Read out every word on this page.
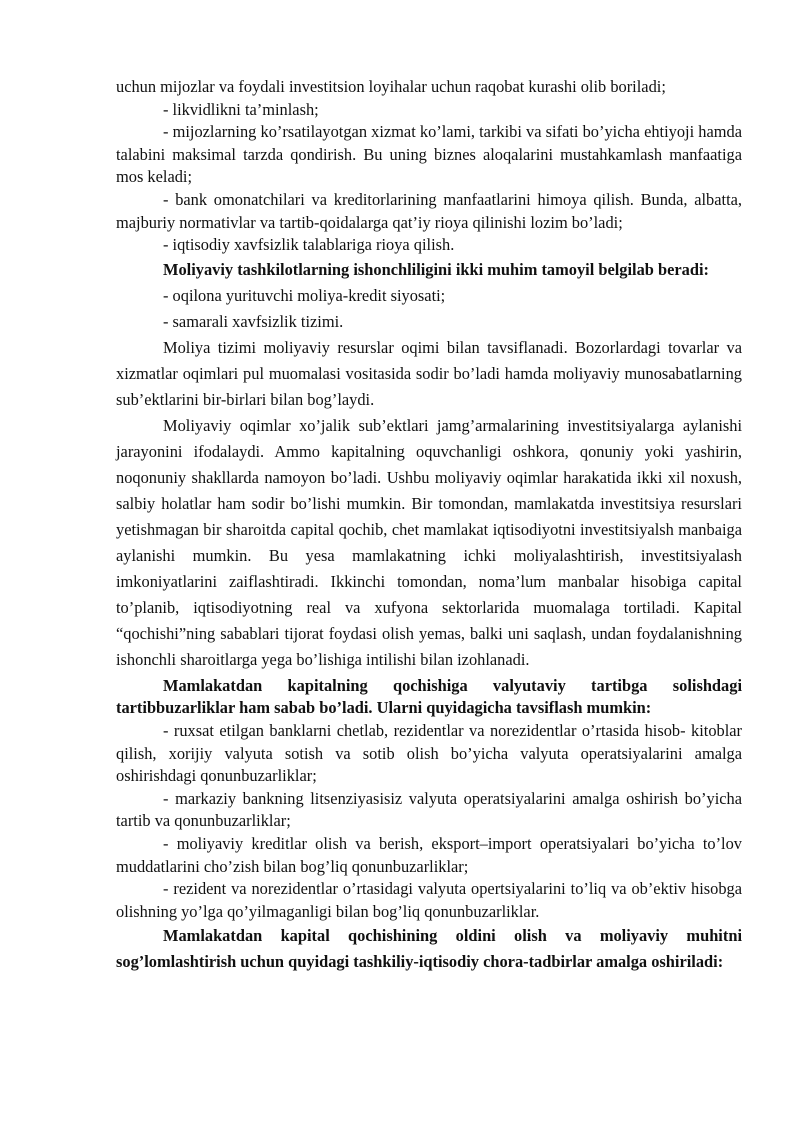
uchun mijozlar va foydali investitsion loyihalar uchun raqobat kurashi olib boriladi;

- likvidlikni ta’minlash;

- mijozlarning ko’rsatilayotgan xizmat ko’lami, tarkibi va sifati bo’yicha ehtiyoji hamda talabini maksimal tarzda qondirish. Bu uning biznes aloqalarini mustahkamlash manfaatiga mos keladi;

- bank omonatchilari va kreditorlarining manfaatlarini himoya qilish. Bunda, albatta, majburiy normativlar va tartib-qoidalarga qat’iy rioya qilinishi lozim bo’ladi;

- iqtisodiy xavfsizlik talablariga rioya qilish.

Moliyaviy tashkilotlarning ishonchliligini ikki muhim tamoyil belgilab beradi:

- oqilona yurituvchi moliya-kredit siyosati;

- samarali xavfsizlik tizimi.

Moliya tizimi moliyaviy resurslar oqimi bilan tavsiflanadi. Bozorlardagi tovarlar va xizmatlar oqimlari pul muomalasi vositasida sodir bo’ladi hamda moliyaviy munosabatlarning sub’ektlarini bir-birlari bilan bog’laydi.

Moliyaviy oqimlar xo’jalik sub’ektlari jamg’armalarining investitsiyalarga aylanishi jarayonini ifodalaydi. Ammo kapitalning oquvchanligi oshkora, qonuniy yoki yashirin, noqonuniy shakllarda namoyon bo’ladi. Ushbu moliyaviy oqimlar harakatida ikki xil noxush, salbiy holatlar ham sodir bo’lishi mumkin. Bir tomondan, mamlakatda investitsiya resurslari yetishmagan bir sharoitda capital qochib, chet mamlakat iqtisodiyotni investitsiyalsh manbaiga aylanishi mumkin. Bu yesa mamlakatning ichki moliyalashtirish, investitsiyalash imkoniyatlarini zaiflashtiradi. Ikkinchi tomondan, noma’lum manbalar hisobiga capital to’planib, iqtisodiyotning real va xufyona sektorlarida muomalaga tortiladi. Kapital “qochishi”ning sabablari tijorat foydasi olish yemas, balki uni saqlash, undan foydalanishning ishonchli sharoitlarga yega bo’lishiga intilishi bilan izohlanadi.

Mamlakatdan kapitalning qochishiga valyutaviy tartibga solishdagi tartibbuzarliklar ham sabab bo’ladi. Ularni quyidagicha tavsiflash mumkin:

- ruxsat etilgan banklarni chetlab, rezidentlar va norezidentlar o’rtasida hisob- kitoblar qilish, xorijiy valyuta sotish va sotib olish bo’yicha valyuta operatsiyalarini amalga oshirishdagi qonunbuzarliklar;

- markaziy bankning litsenziyasisiz valyuta operatsiyalarini amalga oshirish bo’yicha tartib va qonunbuzarliklar;

- moliyaviy kreditlar olish va berish, eksport–import operatsiyalari bo’yicha to’lov muddatlarini cho’zish bilan bog’liq qonunbuzarliklar;

- rezident va norezidentlar o’rtasidagi valyuta opertsiyalarini to’liq va ob’ektiv hisobga olishning yo’lga qo’yilmaganligi bilan bog’liq qonunbuzarliklar.

Mamlakatdan kapital qochishining oldini olish va moliyaviy muhitni sog’lomlashtirish uchun quyidagi tashkiliy-iqtisodiy chora-tadbirlar amalga oshiriladi:
